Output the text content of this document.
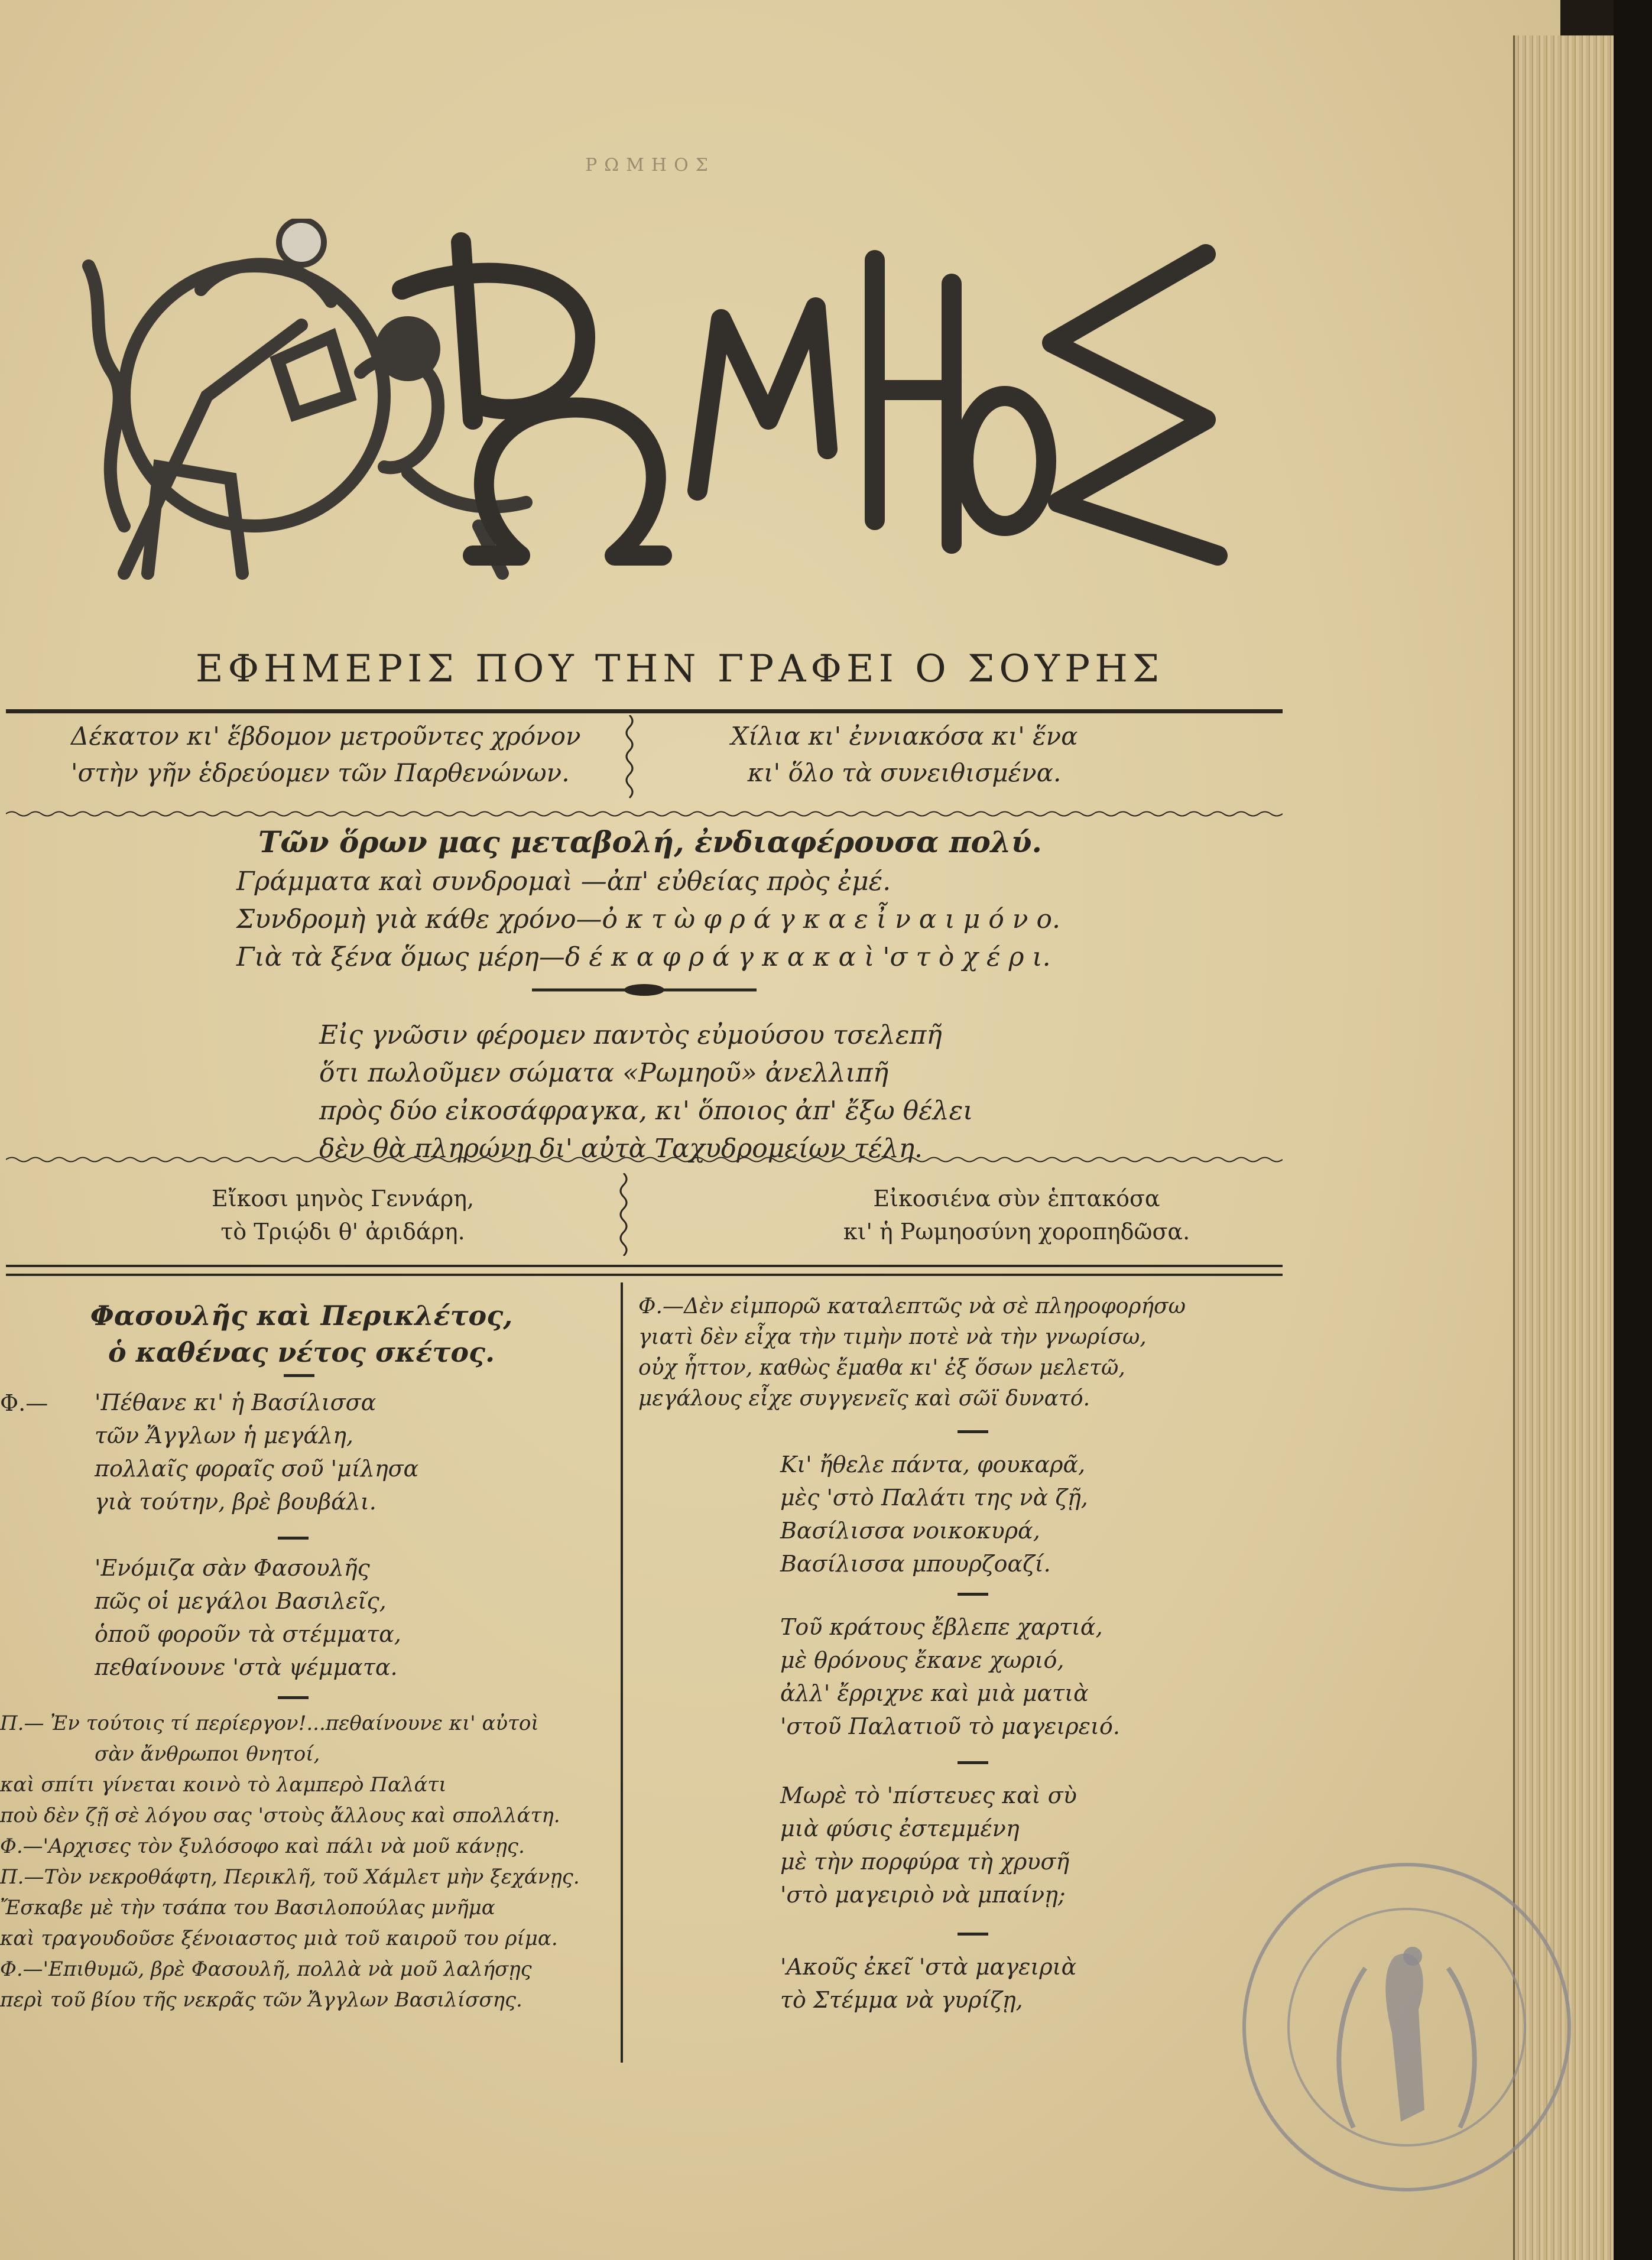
ΡΩΜΗΟΣ
ΕΦΗΜΕΡΙΣ ΠΟΥ ΤΗΝ ΓΡΑΦΕΙ Ο ΣΟΥΡΗΣ
Δέκατον κι' ἕβδομον μετροῦντες χρόνον
'στὴν γῆν ἑδρεύομεν τῶν Παρθενώνων.
Χίλια κι' ἐννιακόσα κι' ἕνα
κι' ὅλο τὰ συνειθισμένα.
Τῶν ὅρων μας μεταβολή, ἐνδιαφέρουσα πολύ.
Γράμματα καὶ συνδρομαὶ —ἀπ' εὐθείας πρὸς ἐμέ.
Συνδρομὴ γιὰ κάθε χρόνο—ὀ κ τ ὼ φ ρ ά γ κ α ε ἶ ν α ι μ ό ν ο.
Γιὰ τὰ ξένα ὅμως μέρη—δ έ κ α φ ρ ά γ κ α κ α ὶ 'σ τ ὸ χ έ ρ ι.
Εἰς γνῶσιν φέρομεν παντὸς εὐμούσου τσελεπῆ
ὅτι πωλοῦμεν σώματα «Ρωμηοῦ» ἀνελλιπῆ
πρὸς δύο εἰκοσάφραγκα, κι' ὅποιος ἀπ' ἔξω θέλει
δὲν θὰ πληρώνῃ δι' αὐτὰ Ταχυδρομείων τέλη.
Εἴκοσι μηνὸς Γεννάρη,
τὸ Τριῴδι θ' ἀριδάρη.
Εἰκοσιένα σὺν ἑπτακόσα
κι' ἡ Ρωμηοσύνη χοροπηδῶσα.
Φασουλῆς καὶ Περικλέτος,
ὁ καθένας νέτος σκέτος.
Φ.— 'Πέθανε κι' ἡ Βασίλισσα
τῶν Ἄγγλων ἡ μεγάλη,
πολλαῖς φοραῖς σοῦ 'μίλησα
γιὰ τούτην, βρὲ βουβάλι.
'Ενόμιζα σὰν Φασουλῆς
πῶς οἱ μεγάλοι Βασιλεῖς,
ὁποῦ φοροῦν τὰ στέμματα,
πεθαίνουνε 'στὰ ψέμματα.
Π.— Ἐν τούτοις τί περίεργον!...πεθαίνουνε κι' αὐτοὶ
σὰν ἄνθρωποι θνητοί,
καὶ σπίτι γίνεται κοινὸ τὸ λαμπερὸ Παλάτι
ποὺ δὲν ζῇ σὲ λόγου σας 'στοὺς ἄλλους καὶ σπολλάτη.
Φ.—'Αρχισες τὸν ξυλόσοφο καὶ πάλι νὰ μοῦ κάνῃς.
Π.—Τὸν νεκροθάφτη, Περικλῆ, τοῦ Χάμλετ μὴν ξεχάνῃς.
Ἔσκαβε μὲ τὴν τσάπα του Βασιλοπούλας μνῆμα
καὶ τραγουδοῦσε ξένοιαστος μιὰ τοῦ καιροῦ του ρίμα.
Φ.—'Επιθυμῶ, βρὲ Φασουλῆ, πολλὰ νὰ μοῦ λαλήσῃς
περὶ τοῦ βίου τῆς νεκρᾶς τῶν Ἄγγλων Βασιλίσσης.
Φ.—Δὲν εἰμπορῶ καταλεπτῶς νὰ σὲ πληροφορήσω
γιατὶ δὲν εἶχα τὴν τιμὴν ποτὲ νὰ τὴν γνωρίσω,
οὐχ ἧττον, καθὼς ἔμαθα κι' ἐξ ὅσων μελετῶ,
μεγάλους εἶχε συγγενεῖς καὶ σῶϊ δυνατό.
Κι' ἤθελε πάντα, φουκαρᾶ,
μὲς 'στὸ Παλάτι της νὰ ζῇ,
Βασίλισσα νοικοκυρά,
Βασίλισσα μπουρζοαζί.
Τοῦ κράτους ἔβλεπε χαρτιά,
μὲ θρόνους ἔκανε χωριό,
ἀλλ' ἔρριχνε καὶ μιὰ ματιὰ
'στοῦ Παλατιοῦ τὸ μαγειρειό.
Μωρὲ τὸ 'πίστευες καὶ σὺ
μιὰ φύσις ἐστεμμένη
μὲ τὴν πορφύρα τὴ χρυσῆ
'στὸ μαγειριὸ νὰ μπαίνῃ;
'Ακοῦς ἐκεῖ 'στὰ μαγειριὰ
τὸ Στέμμα νὰ γυρίζῃ,
